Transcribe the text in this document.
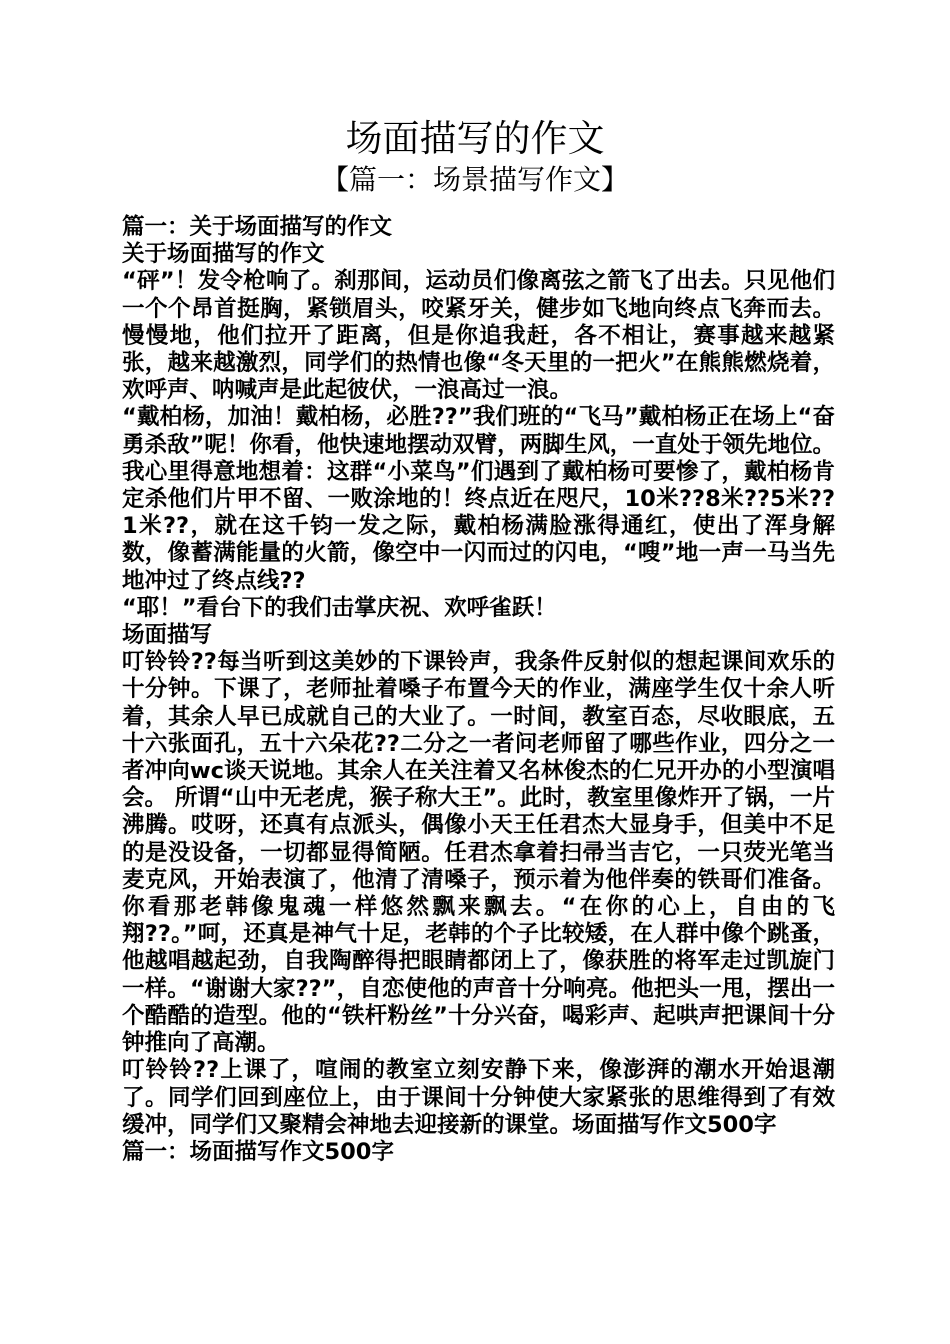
场面描写的作文
【篇一：场景描写作文】

篇一：关于场面描写的作文

关于场面描写的作文

“砰”！发令枪响了。刹那间，运动员们像离弦之箭飞了出去。只见他们一个个昂首挺胸，紧锁眉头，咬紧牙关，健步如飞地向终点飞奔而去。慢慢地，他们拉开了距离，但是你追我赶，各不相让，赛事越来越紧张，越来越激烈，同学们的热情也像“冬天里的一把火”在熊熊燃烧着，欢呼声、呐喊声是此起彼伏，一浪高过一浪。

“戴柏杨，加油！戴柏杨，必胜??”我们班的“飞马”戴柏杨正在场上“奋勇杀敌”呢！你看，他快速地摆动双臂，两脚生风，一直处于领先地位。我心里得意地想着：这群“小菜鸟”们遇到了戴柏杨可要惨了，戴柏杨肯定杀他们片甲不留、一败涂地的！终点近在咫尺，10米??8米??5米??1米??，就在这千钧一发之际，戴柏杨满脸涨得通红，使出了浑身解数，像蓄满能量的火箭，像空中一闪而过的闪电，“嗖”地一声一马当先地冲过了终点线??

“耶！”看台下的我们击掌庆祝、欢呼雀跃！

场面描写

叮铃铃??每当听到这美妙的下课铃声，我条件反射似的想起课间欢乐的十分钟。下课了，老师扯着嗓子布置今天的作业，满座学生仅十余人听着，其余人早已成就自己的大业了。一时间，教室百态，尽收眼底，五十六张面孔，五十六朵花??二分之一者问老师留了哪些作业，四分之一者冲向wc谈天说地。其余人在关注着又名林俊杰的仁兄开办的小型演唱会。 所谓“山中无老虎，猴子称大王”。此时，教室里像炸开了锅，一片沸腾。哎呀，还真有点派头，偶像小天王任君杰大显身手，但美中不足的是没设备，一切都显得简陋。任君杰拿着扫帚当吉它，一只荧光笔当麦克风，开始表演了，他清了清嗓子，预示着为他伴奏的铁哥们准备。你看那老韩像鬼魂一样悠然飘来飘去。“在你的心上，自由的飞翔??。”呵，还真是神气十足，老韩的个子比较矮，在人群中像个跳蚤，他越唱越起劲，自我陶醉得把眼睛都闭上了，像获胜的将军走过凯旋门一样。“谢谢大家??”，自恋使他的声音十分响亮。他把头一甩，摆出一个酷酷的造型。他的“铁杆粉丝”十分兴奋，喝彩声、起哄声把课间十分钟推向了高潮。

叮铃铃??上课了，喧闹的教室立刻安静下来，像澎湃的潮水开始退潮了。同学们回到座位上，由于课间十分钟使大家紧张的思维得到了有效缓冲，同学们又聚精会神地去迎接新的课堂。场面描写作文500字

篇一：场面描写作文500字
